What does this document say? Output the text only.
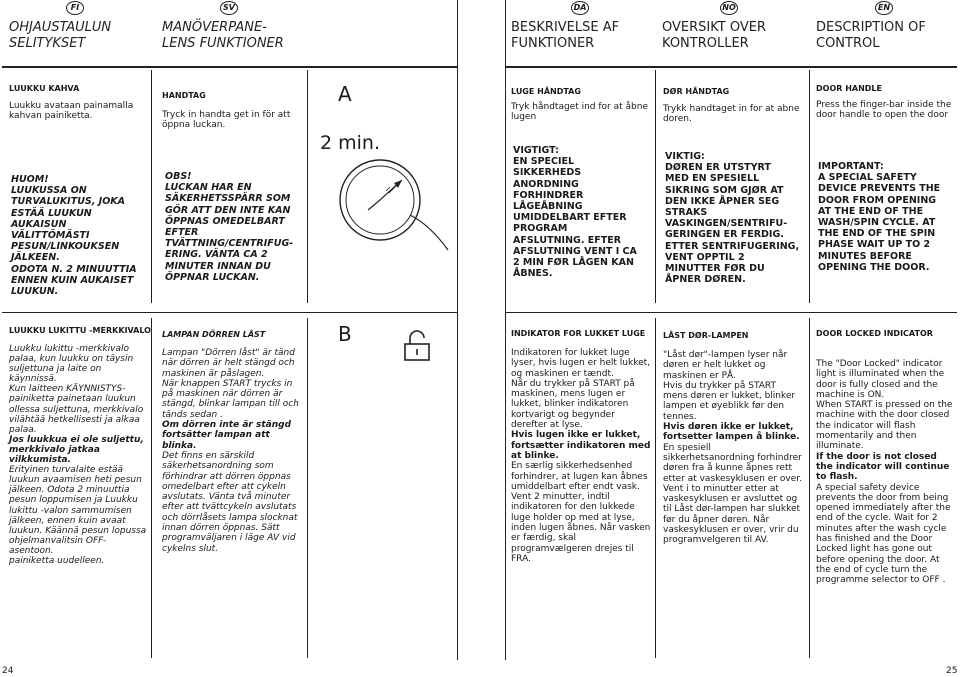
FI	SV	DA	NO	EN
OHJAUSTAULUN
SELITYKSET
MANÖVERPANE-
LENS FUNKTIONER
BESKRIVELSE AF
FUNKTIONER
OVERSIKT OVER
KONTROLLER
DESCRIPTION OF
CONTROL
LUUKKU KAHVA
Luukku avataan painamalla kahvan painiketta.
HUOM!
LUUKUSSA ON
TURVALUKITUS, JOKA
ESTÄÄ LUUKUN
AUKAISUN
VÄLITTÖMÄSTI
PESUN/LINKOUKSEN
JÄLKEEN.
ODOTA N. 2 MINUUTTIA
ENNEN KUIN AUKAISET
LUUKUN.
HANDTAG
Tryck in handta get in för att öppna luckan.
OBS!
LUCKAN HAR EN
SÄKERHETSSPÄRR SOM
GÖR ATT DEN INTE KAN
ÖPPNAS OMEDELBART
EFTER
TVÄTTNING/CENTRIFUG-
ERING. VÄNTA CA 2
MINUTER INNAN DU
ÖPPNAR LUCKAN.
A
2 min.
LUGE HÅNDTAG
Tryk håndtaget ind for at åbne lugen
VIGTIGT:
EN SPECIEL
SIKKERHEDS
ANORDNING
FORHINDRER
LÅGEÅBNING
UMIDDELBART EFTER
PROGRAM
AFSLUTNING. EFTER
AFSLUTNING VENT I CA
2 MIN FØR LÅGEN KAN
ÅBNES.
DØR HÅNDTAG
Trykk handtaget in for at abne doren.
VIKTIG:
DØREN ER UTSTYRT
MED EN SPESIELL
SIKRING SOM GJØR AT
DEN IKKE ÅPNER SEG
STRAKS
VASKINGEN/SENTRIFU-
GERINGEN ER FERDIG.
ETTER SENTRIFUGERING,
VENT OPPTIL 2
MINUTTER FØR DU
ÅPNER DØREN.
DOOR HANDLE
Press the finger-bar inside the door handle to open the door
IMPORTANT:
A SPECIAL SAFETY
DEVICE PREVENTS THE
DOOR FROM OPENING
AT THE END OF THE
WASH/SPIN CYCLE. AT
THE END OF THE SPIN
PHASE WAIT UP TO 2
MINUTES BEFORE
OPENING THE DOOR.
LUUKKU LUKITTU -MERKKIVALO
Luukku lukittu -merkkivalo palaa, kun luukku on täysin suljettuna ja laite on käynnissä.
Kun laitteen KÄYNNISTYS-painiketta painetaan luukun ollessa suljettuna, merkkivalo vilähtää hetkellisesti ja alkaa palaa.
Jos luukkua ei ole suljettu, merkkivalo jatkaa vilkkumista.
Erityinen turvalaite estää luukun avaamisen heti pesun jälkeen. Odota 2 minuuttia pesun loppumisen ja Luukku lukittu -valon sammumisen jälkeen, ennen kuin avaat luukun. Käännä pesun lopussa ohjelmanvalitsin OFF-asentoon.
painiketta uudelleen.
LAMPAN DÖRREN LÅST
Lampan "Dörren låst" är tänd när dörren är helt stängd och maskinen är påslagen.
När knappen START trycks in på maskinen när dörren är stängd, blinkar lampan till och tänds sedan .
Om dörren inte är stängd fortsätter lampan att blinka.
Det finns en särskild säkerhetsanordning som förhindrar att dörren öppnas omedelbart efter att cykeln avslutats. Vänta två minuter efter att tvättcykeln avslutats och dörrlåsets lampa slocknat innan dörren öppnas. Sätt programväljaren i läge AV vid cykelns slut.
B	INDIKATOR FOR LUKKET LUGE
Indikatoren for lukket luge lyser, hvis lugen er helt lukket, og maskinen er tændt.
Når du trykker på START på maskinen, mens lugen er lukket, blinker indikatoren kortvarigt og begynder derefter at lyse.
Hvis lugen ikke er lukket, fortsætter indikatoren med at blinke.
En særlig sikkerhedsenhed forhindrer, at lugen kan åbnes umiddelbart efter endt vask. Vent 2 minutter, indtil indikatoren for den lukkede luge holder op med at lyse, inden lugen åbnes. Når vasken er færdig, skal programvælgeren drejes til FRA.
LÅST DØR-LAMPEN
"Låst dør"-lampen lyser når døren er helt lukket og maskinen er PÅ.
Hvis du trykker på START mens døren er lukket, blinker lampen et øyeblikk før den tennes.
Hvis døren ikke er lukket, fortsetter lampen å blinke.
En spesiell sikkerhetsanordning forhindrer døren fra å kunne åpnes rett etter at vaskesyklusen er over. Vent i to minutter etter at vaskesyklusen er avsluttet og til Låst dør-lampen har slukket før du åpner døren. Når vaskesyklusen er over, vrir du programvelgeren til AV.
DOOR LOCKED INDICATOR
The "Door Locked" indicator light is illuminated when the door is fully closed and the machine is ON.
When START is pressed on the machine with the door closed the indicator will flash momentarily and then illuminate.
If the door is not closed the indicator will continue to flash.
A special safety device prevents the door from being opened immediately after the end of the cycle. Wait for 2 minutes after the wash cycle has finished and the Door Locked light has gone out before opening the door. At the end of cycle turn the programme selector to OFF .
24	25
